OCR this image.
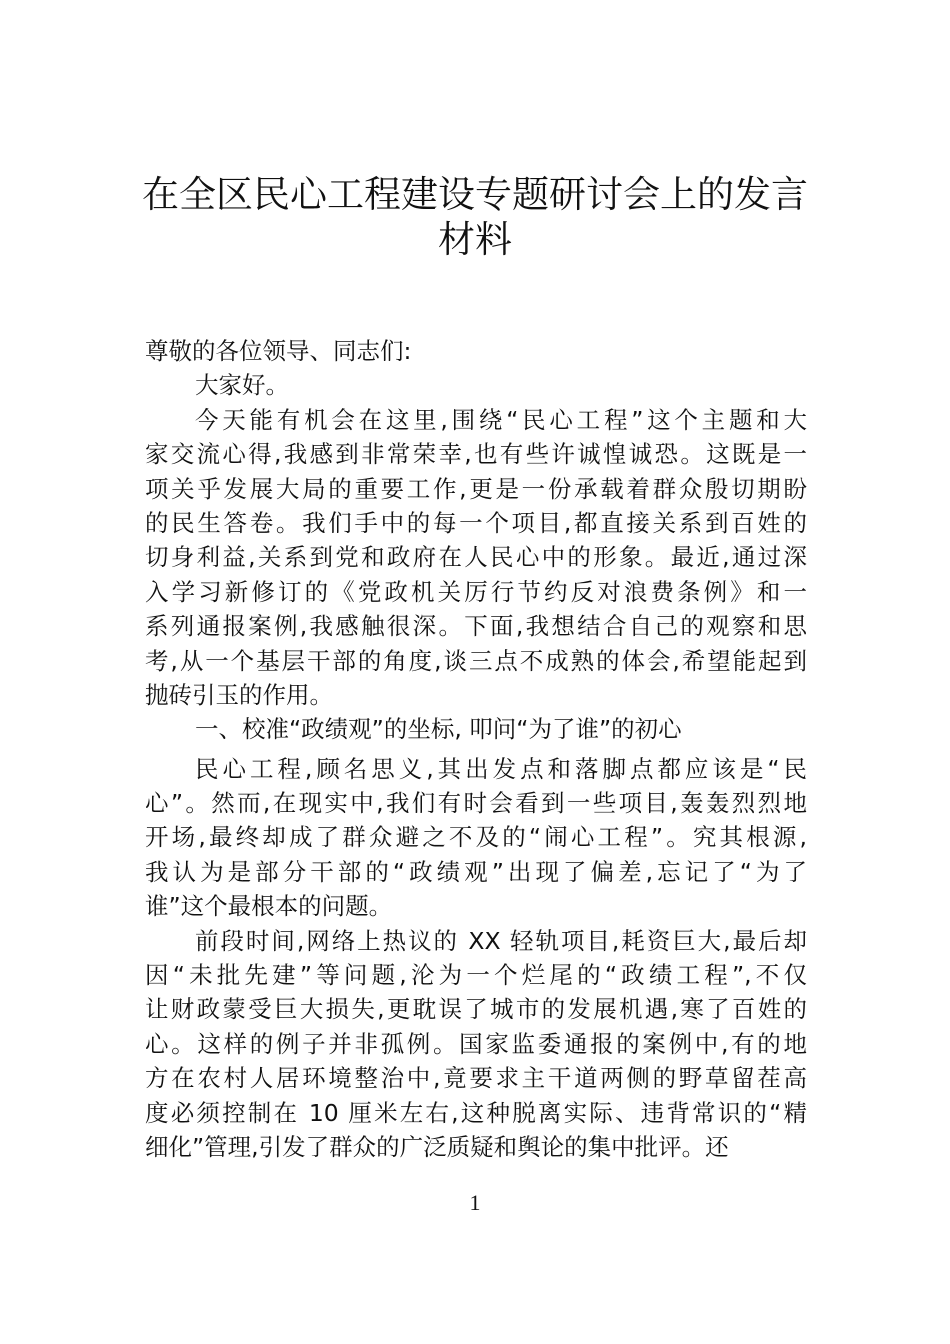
在全区民心工程建设专题研讨会上的发言
材料
尊敬的各位领导、同志们:
大家好。
今天能有机会在这里,围绕“民心工程”这个主题和大
家交流心得,我感到非常荣幸,也有些许诚惶诚恐。这既是一
项关乎发展大局的重要工作,更是一份承载着群众殷切期盼
的民生答卷。我们手中的每一个项目,都直接关系到百姓的
切身利益,关系到党和政府在人民心中的形象。最近,通过深
入学习新修订的《党政机关厉行节约反对浪费条例》和一
系列通报案例,我感触很深。下面,我想结合自己的观察和思
考,从一个基层干部的角度,谈三点不成熟的体会,希望能起到
抛砖引玉的作用。
一、校准“政绩观”的坐标, 叩问“为了谁”的初心
民心工程,顾名思义,其出发点和落脚点都应该是“民
心”。然而,在现实中,我们有时会看到一些项目,轰轰烈烈地
开场,最终却成了群众避之不及的“闹心工程”。究其根源,
我认为是部分干部的“政绩观”出现了偏差,忘记了“为了
谁”这个最根本的问题。
前段时间,网络上热议的 XX 轻轨项目,耗资巨大,最后却
因“未批先建”等问题,沦为一个烂尾的“政绩工程”,不仅
让财政蒙受巨大损失,更耽误了城市的发展机遇,寒了百姓的
心。这样的例子并非孤例。国家监委通报的案例中,有的地
方在农村人居环境整治中,竟要求主干道两侧的野草留茬高
度必须控制在 10 厘米左右,这种脱离实际、违背常识的“精
细化”管理,引发了群众的广泛质疑和舆论的集中批评。还
1
